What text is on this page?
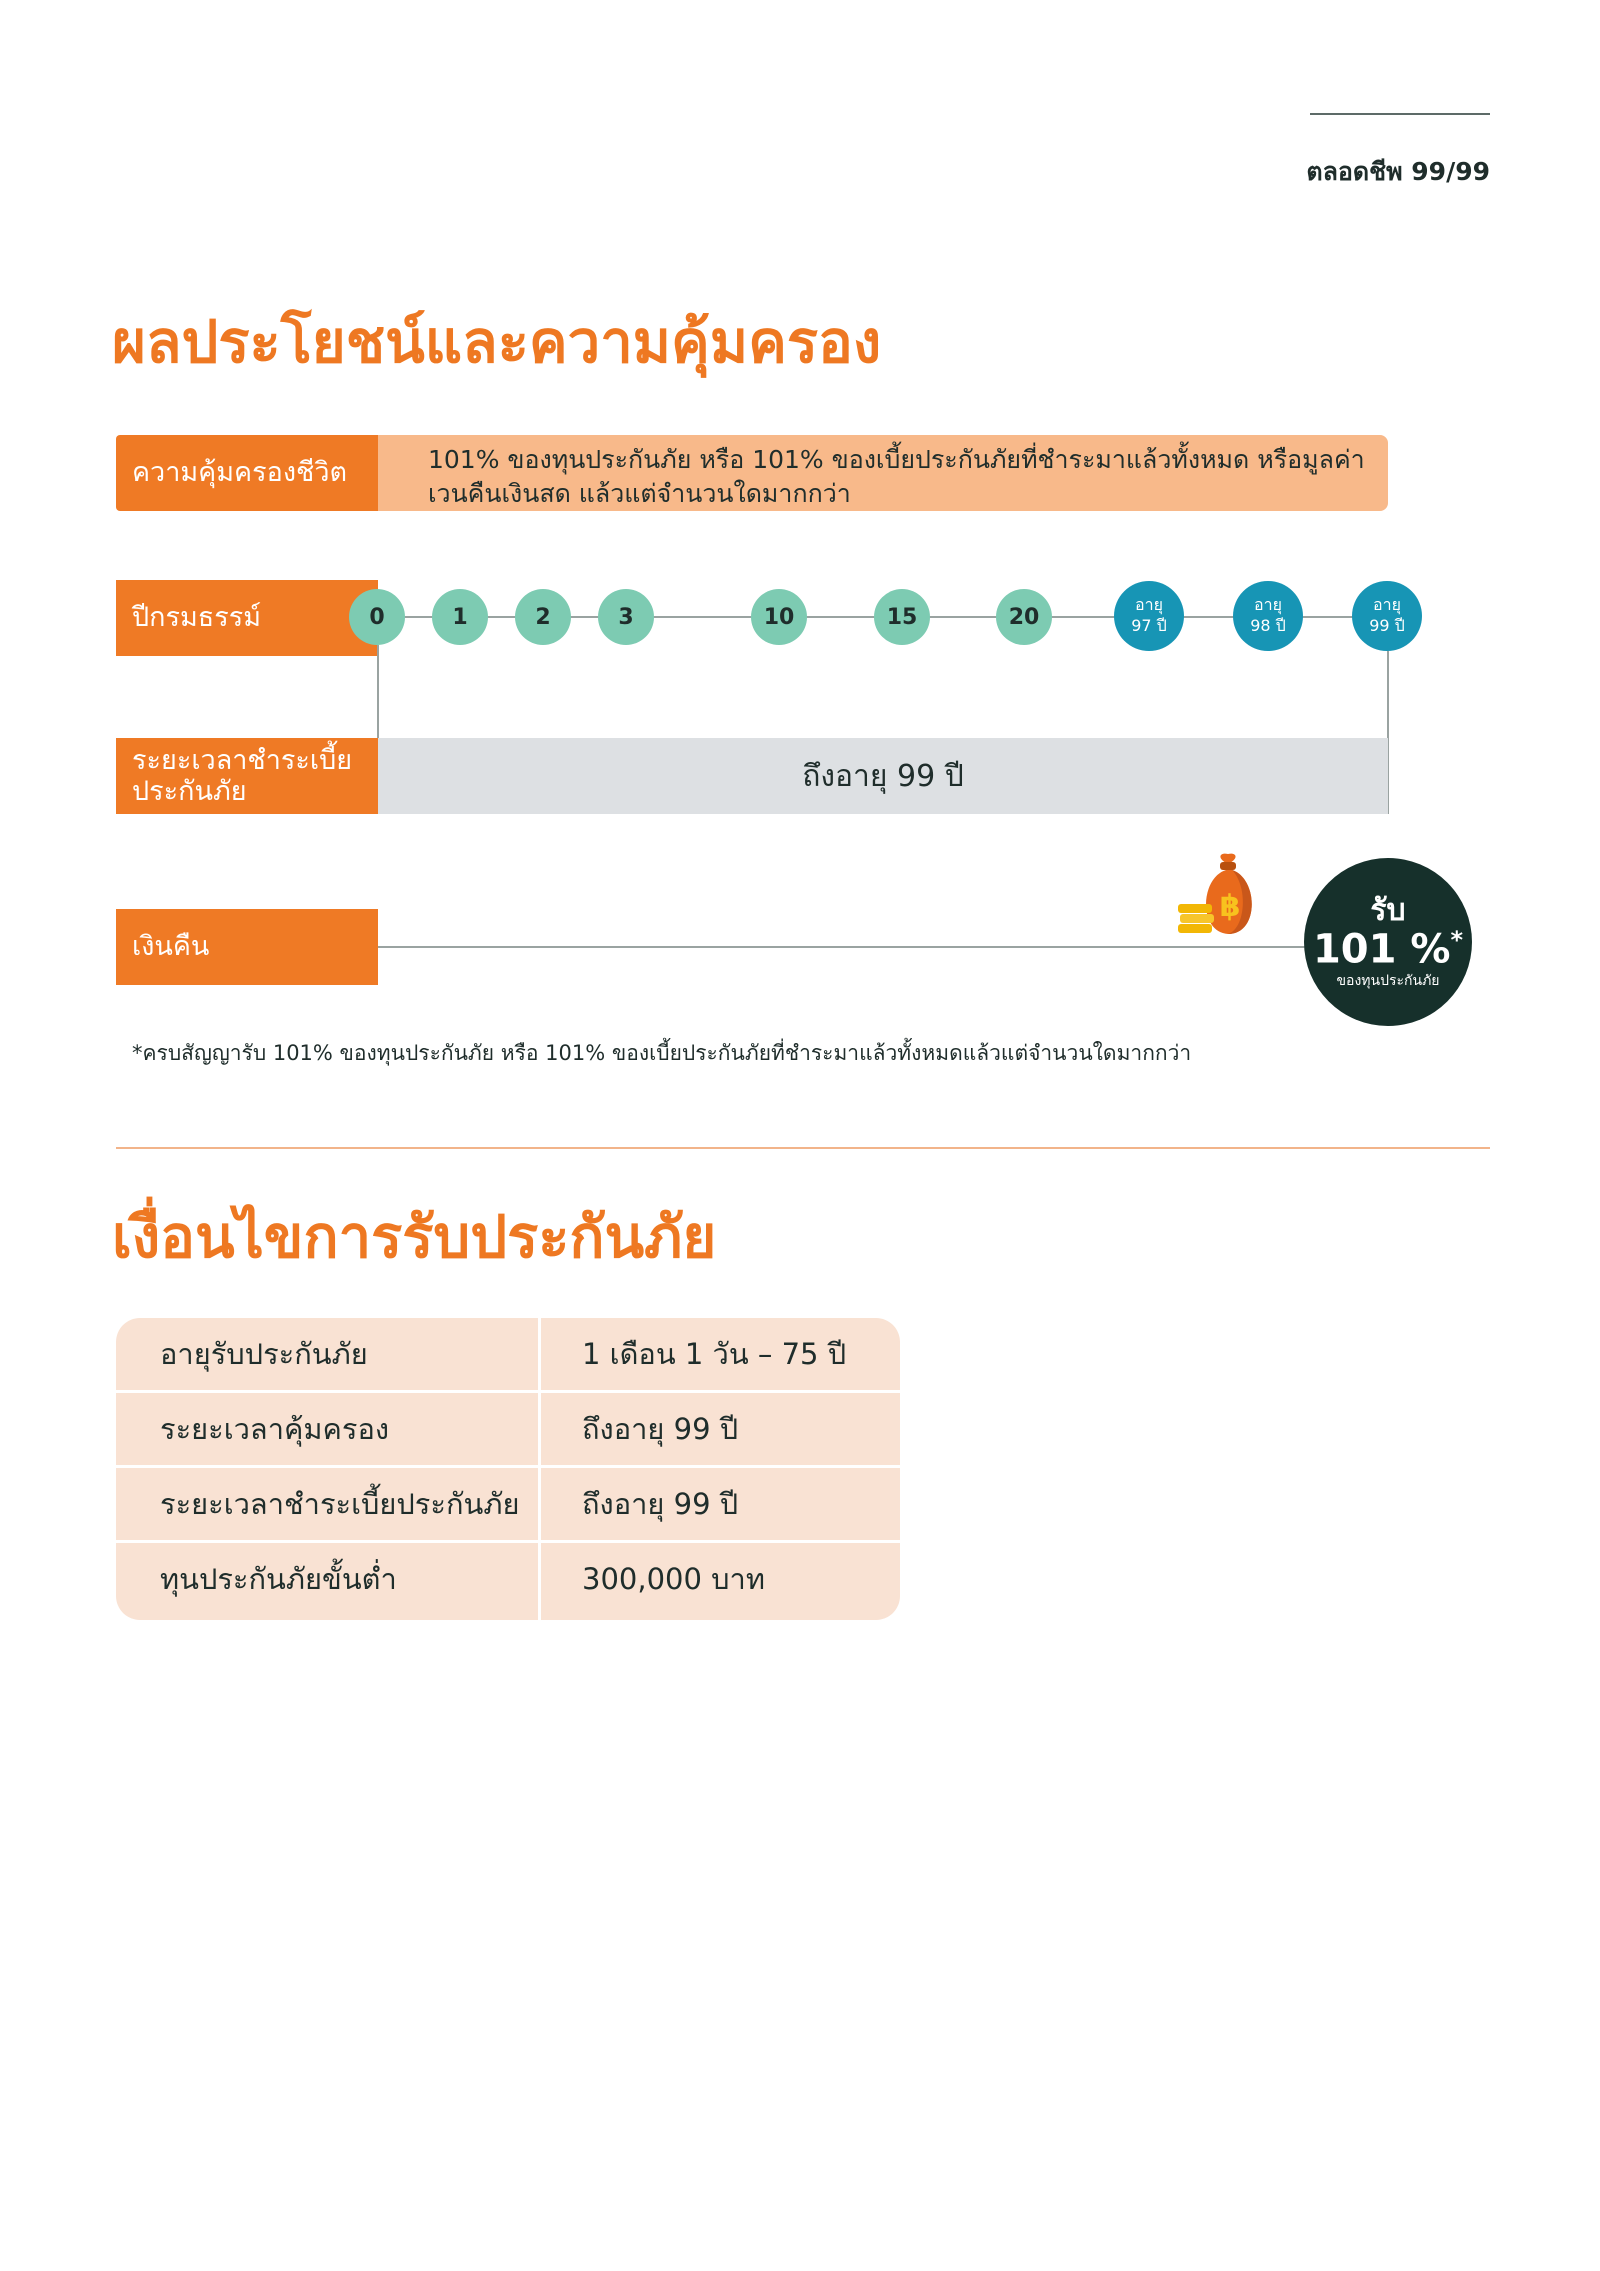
ตลอดชีพ 99/99
ผลประโยชน์และความคุ้มครอง
ความคุ้มครองชีวิต	101% ของทุนประกันภัย หรือ 101% ของเบี้ยประกันภัยที่ชำระมาแล้วทั้งหมด หรือมูลค่า
เวนคืนเงินสด แล้วแต่จำนวนใดมากกว่า
ปีกรมธรรม์	0	1	2	3	10	15	20	อายุ
97 ปี
อายุ
98 ปี
อายุ
99 ปี
ระยะเวลาชำระเบี้ย
ประกันภัย	ถึงอายุ 99 ปี
เงินคืน
฿	รับ
101 %*
ของทุนประกันภัย
*ครบสัญญารับ 101% ของทุนประกันภัย หรือ 101% ของเบี้ยประกันภัยที่ชำระมาแล้วทั้งหมดแล้วแต่จำนวนใดมากกว่า
เงื่อนไขการรับประกันภัย
อายุรับประกันภัย	1 เดือน 1 วัน – 75 ปี
ระยะเวลาคุ้มครอง	ถึงอายุ 99 ปี
ระยะเวลาชำระเบี้ยประกันภัย	ถึงอายุ 99 ปี
ทุนประกันภัยขั้นต่ำ	300,000 บาท
